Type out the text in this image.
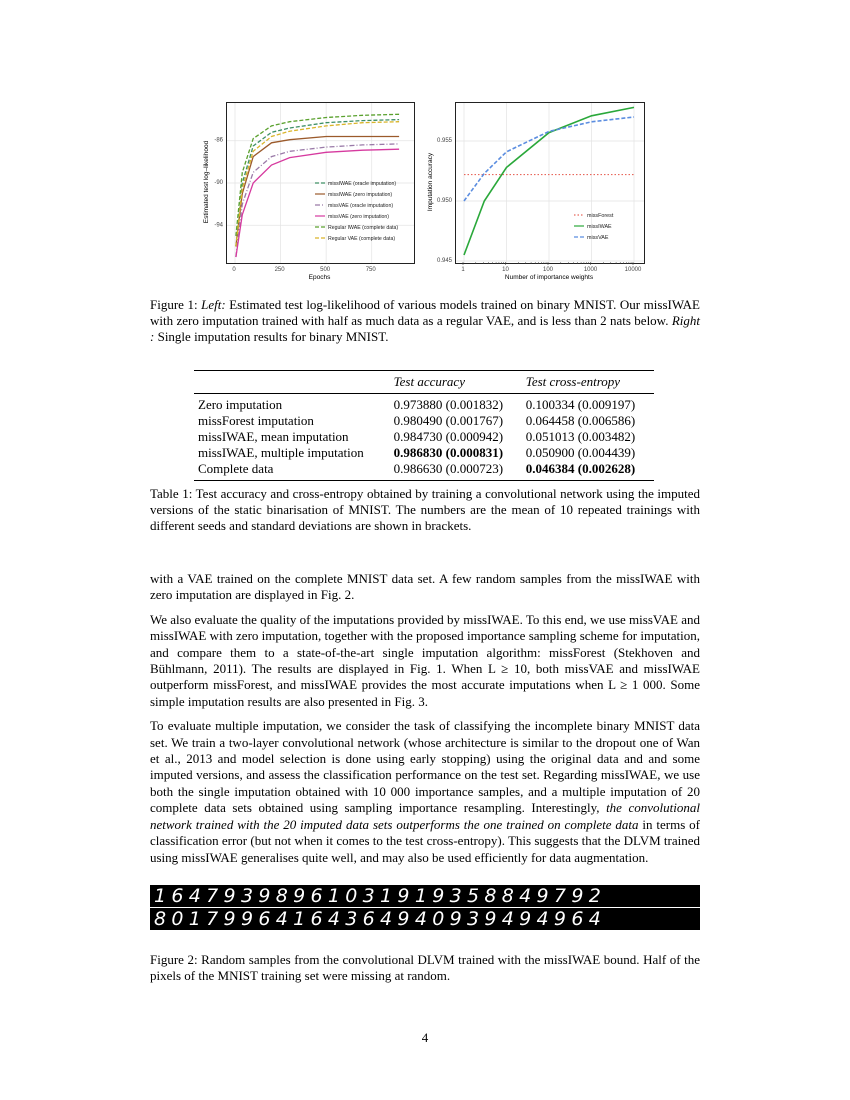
missIWAE (oracle imputation)
missIWAE (zero imputation)
missVAE (oracle imputation)
missVAE (zero imputation)
Regular IWAE (complete data)
Regular VAE (complete data)
-86
-90
-94
0	250	500	750
Epochs
Estimated test log–likelihood	missForest
missIWAE
missVAE
0.945
0.950
0.955
1	10	100	1000	10000
Number of importance weights
Imputation accuracy
Figure 1: Left: Estimated test log-likelihood of various models trained on binary MNIST. Our missIWAE with zero imputation trained with half as much data as a regular VAE, and is less than 2 nats below. Right : Single imputation results for binary MNIST.
	Test accuracy	Test cross-entropy
Zero imputation	0.973880 (0.001832)	0.100334 (0.009197)
missForest imputation	0.980490 (0.001767)	0.064458 (0.006586)
missIWAE, mean imputation	0.984730 (0.000942)	0.051013 (0.003482)
missIWAE, multiple imputation	0.986830 (0.000831)	0.050900 (0.004439)
Complete data	0.986630 (0.000723)	0.046384 (0.002628)
Table 1: Test accuracy and cross-entropy obtained by training a convolutional network using the imputed versions of the static binarisation of MNIST. The numbers are the mean of 10 repeated trainings with different seeds and standard deviations are shown in brackets.

with a VAE trained on the complete MNIST data set. A few random samples from the missIWAE with zero imputation are displayed in Fig. 2.

We also evaluate the quality of the imputations provided by missIWAE. To this end, we use missVAE and missIWAE with zero imputation, together with the proposed importance sampling scheme for imputation, and compare them to a state-of-the-art single imputation algorithm: missForest (Stekhoven and Bühlmann, 2011). The results are displayed in Fig. 1. When L ≥ 10, both missVAE and missIWAE outperform missForest, and missIWAE provides the most accurate imputations when L ≥ 1 000. Some simple imputation results are also presented in Fig. 3.

To evaluate multiple imputation, we consider the task of classifying the incomplete binary MNIST data set. We train a two-layer convolutional network (whose architecture is similar to the dropout one of Wan et al., 2013 and model selection is done using early stopping) using the original data and and some imputed versions, and assess the classification performance on the test set. Regarding missIWAE, we use both the single imputation obtained with 10 000 importance samples, and a multiple imputation of 20 complete data sets obtained using sampling importance resampling. Interestingly, the convolutional network trained with the 20 imputed data sets outperforms the one trained on complete data in terms of classification error (but not when it comes to the test cross-entropy). This suggests that the DLVM trained using missIWAE generalises quite well, and may also be used efficiently for data augmentation.

16479398961031919358849792
80179964164364940939494964
Figure 2: Random samples from the convolutional DLVM trained with the missIWAE bound. Half of the pixels of the MNIST training set were missing at random.
4
